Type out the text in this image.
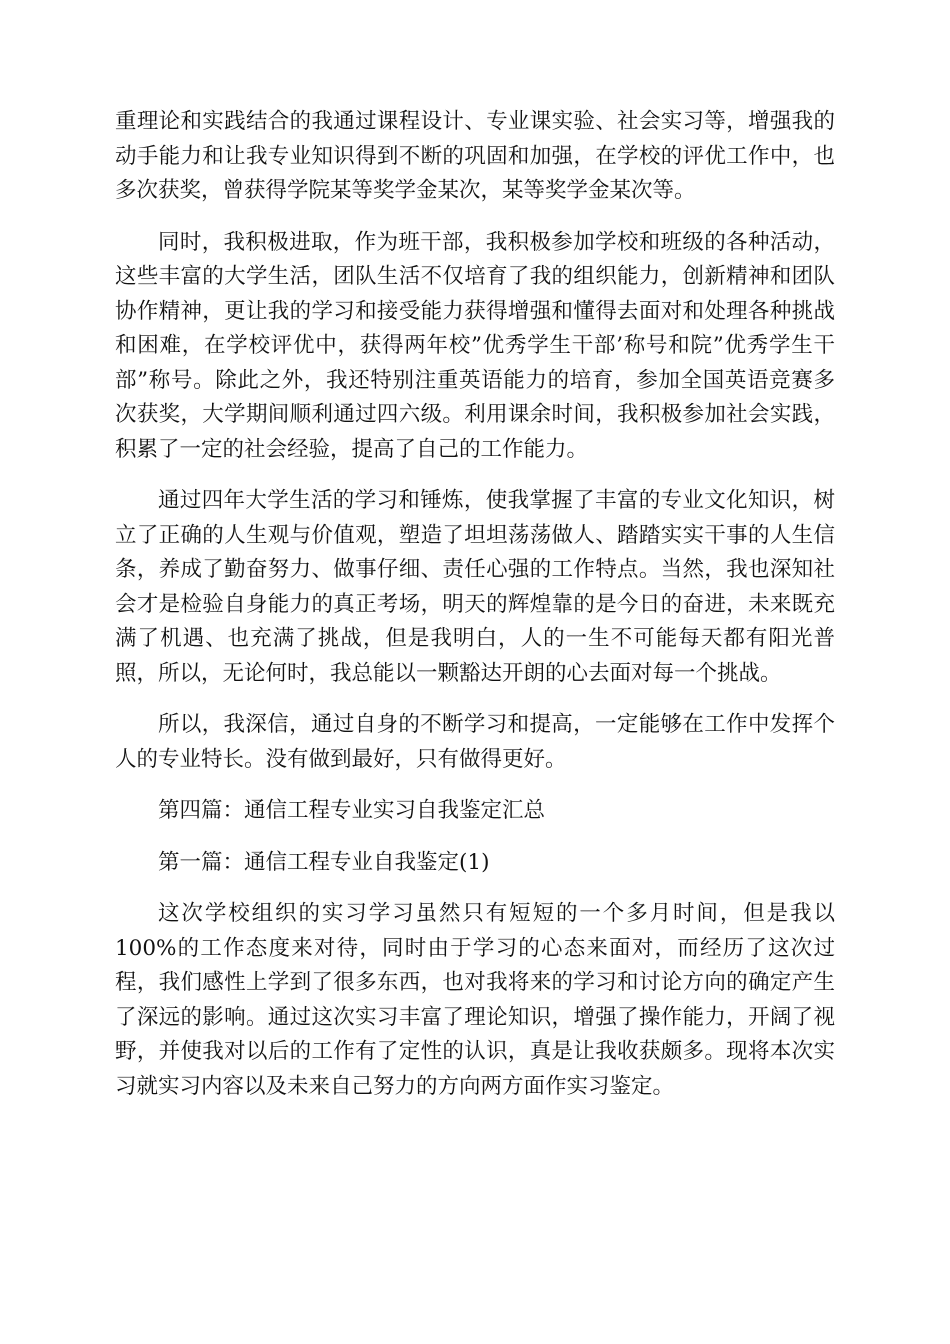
重理论和实践结合的我通过课程设计、专业课实验、社会实习等，增强我的动手能力和让我专业知识得到不断的巩固和加强，在学校的评优工作中，也多次获奖，曾获得学院某等奖学金某次，某等奖学金某次等。

同时，我积极进取，作为班干部，我积极参加学校和班级的各种活动，这些丰富的大学生活，团队生活不仅培育了我的组织能力，创新精神和团队协作精神，更让我的学习和接受能力获得增强和懂得去面对和处理各种挑战和困难，在学校评优中，获得两年校”优秀学生干部’称号和院”优秀学生干部”称号。除此之外，我还特别注重英语能力的培育，参加全国英语竞赛多次获奖，大学期间顺利通过四六级。利用课余时间，我积极参加社会实践，积累了一定的社会经验，提高了自己的工作能力。

通过四年大学生活的学习和锤炼，使我掌握了丰富的专业文化知识，树立了正确的人生观与价值观，塑造了坦坦荡荡做人、踏踏实实干事的人生信条，养成了勤奋努力、做事仔细、责任心强的工作特点。当然，我也深知社会才是检验自身能力的真正考场，明天的辉煌靠的是今日的奋进，未来既充满了机遇、也充满了挑战，但是我明白，人的一生不可能每天都有阳光普照，所以，无论何时，我总能以一颗豁达开朗的心去面对每一个挑战。

所以，我深信，通过自身的不断学习和提高，一定能够在工作中发挥个人的专业特长。没有做到最好，只有做得更好。

第四篇：通信工程专业实习自我鉴定汇总

第一篇：通信工程专业自我鉴定(1)

这次学校组织的实习学习虽然只有短短的一个多月时间，但是我以100%的工作态度来对待，同时由于学习的心态来面对，而经历了这次过程，我们感性上学到了很多东西，也对我将来的学习和讨论方向的确定产生了深远的影响。通过这次实习丰富了理论知识，增强了操作能力，开阔了视野，并使我对以后的工作有了定性的认识，真是让我收获颇多。现将本次实习就实习内容以及未来自己努力的方向两方面作实习鉴定。
